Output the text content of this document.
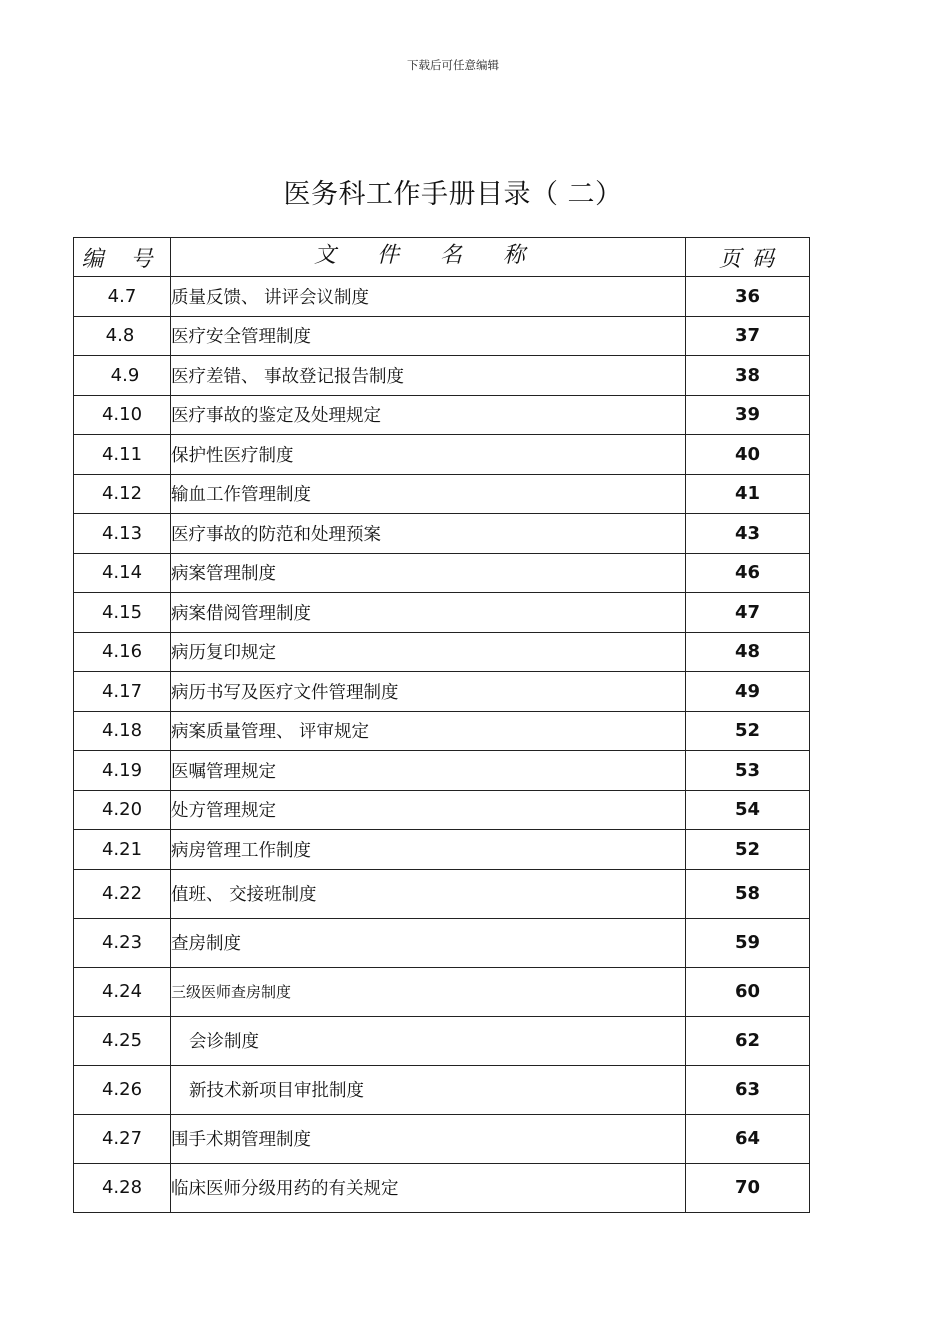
下载后可任意编辑
医务科工作手册目录（ 二）
编 号	文 件 名 称	页 码
4.7	质量反馈、 讲评会议制度	36
4.8	医疗安全管理制度	37
4.9	医疗差错、 事故登记报告制度	38
4.10	医疗事故的鉴定及处理规定	39
4.11	保护性医疗制度	40
4.12	输血工作管理制度	41
4.13	医疗事故的防范和处理预案	43
4.14	病案管理制度	46
4.15	病案借阅管理制度	47
4.16	病历复印规定	48
4.17	病历书写及医疗文件管理制度	49
4.18	病案质量管理、 评审规定	52
4.19	医嘱管理规定	53
4.20	处方管理规定	54
4.21	病房管理工作制度	52
4.22	值班、 交接班制度	58
4.23	查房制度	59
4.24	三级医师查房制度	60
4.25	会诊制度	62
4.26	新技术新项目审批制度	63
4.27	围手术期管理制度	64
4.28	临床医师分级用药的有关规定	70
